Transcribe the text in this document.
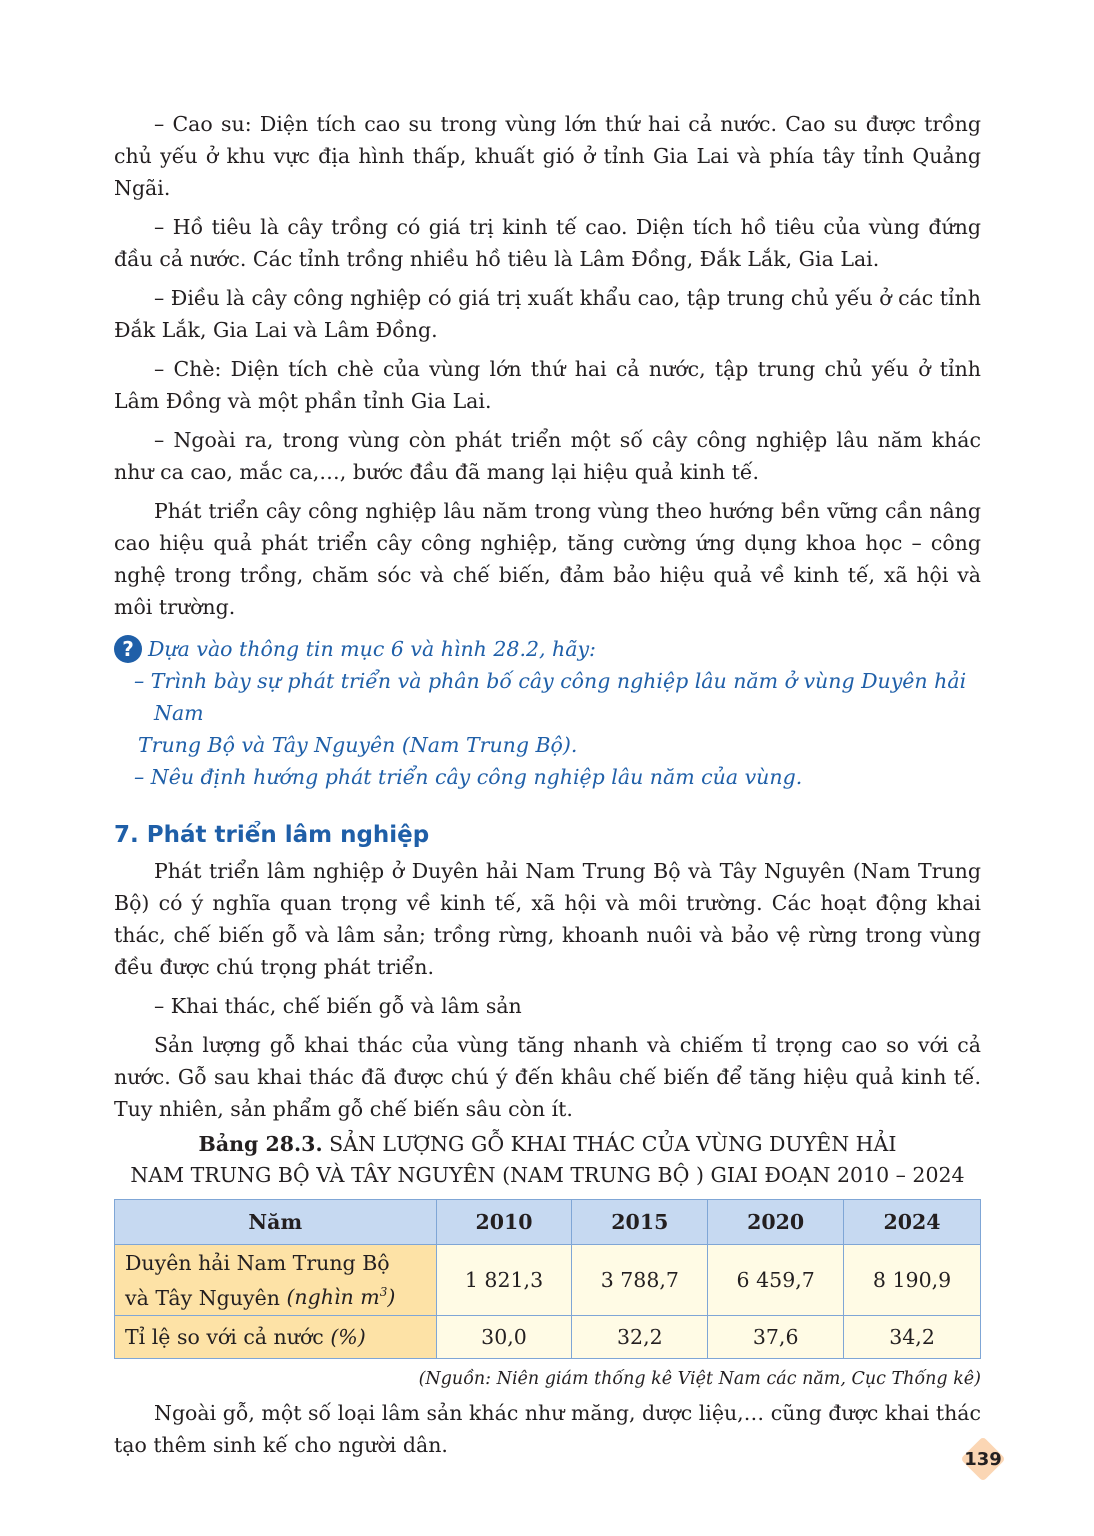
– Cao su: Diện tích cao su trong vùng lớn thứ hai cả nước. Cao su được trồng chủ yếu ở khu vực địa hình thấp, khuất gió ở tỉnh Gia Lai và phía tây tỉnh Quảng Ngãi.

– Hồ tiêu là cây trồng có giá trị kinh tế cao. Diện tích hồ tiêu của vùng đứng đầu cả nước. Các tỉnh trồng nhiều hồ tiêu là Lâm Đồng, Đắk Lắk, Gia Lai.

– Điều là cây công nghiệp có giá trị xuất khẩu cao, tập trung chủ yếu ở các tỉnh Đắk Lắk, Gia Lai và Lâm Đồng.

– Chè: Diện tích chè của vùng lớn thứ hai cả nước, tập trung chủ yếu ở tỉnh Lâm Đồng và một phần tỉnh Gia Lai.

– Ngoài ra, trong vùng còn phát triển một số cây công nghiệp lâu năm khác như ca cao, mắc ca,…, bước đầu đã mang lại hiệu quả kinh tế.

Phát triển cây công nghiệp lâu năm trong vùng theo hướng bền vững cần nâng cao hiệu quả phát triển cây công nghiệp, tăng cường ứng dụng khoa học – công nghệ trong trồng, chăm sóc và chế biến, đảm bảo hiệu quả về kinh tế, xã hội và môi trường.

? Dựa vào thông tin mục 6 và hình 28.2, hãy:
– Trình bày sự phát triển và phân bố cây công nghiệp lâu năm ở vùng Duyên hải Nam
Trung Bộ và Tây Nguyên (Nam Trung Bộ).
– Nêu định hướng phát triển cây công nghiệp lâu năm của vùng.
7. Phát triển lâm nghiệp

Phát triển lâm nghiệp ở Duyên hải Nam Trung Bộ và Tây Nguyên (Nam Trung Bộ) có ý nghĩa quan trọng về kinh tế, xã hội và môi trường. Các hoạt động khai thác, chế biến gỗ và lâm sản; trồng rừng, khoanh nuôi và bảo vệ rừng trong vùng đều được chú trọng phát triển.

– Khai thác, chế biến gỗ và lâm sản

Sản lượng gỗ khai thác của vùng tăng nhanh và chiếm tỉ trọng cao so với cả nước. Gỗ sau khai thác đã được chú ý đến khâu chế biến để tăng hiệu quả kinh tế. Tuy nhiên, sản phẩm gỗ chế biến sâu còn ít.

Bảng 28.3. SẢN LƯỢNG GỖ KHAI THÁC CỦA VÙNG DUYÊN HẢI
NAM TRUNG BỘ VÀ TÂY NGUYÊN (NAM TRUNG BỘ ) GIAI ĐOẠN 2010 – 2024
Năm	2010	2015	2020	2024
Duyên hải Nam Trung Bộ
và Tây Nguyên (nghìn $m^3$)	1 821,3	3 788,7	6 459,7	8 190,9
Tỉ lệ so với cả nước (%)	30,0	32,2	37,6	34,2
(Nguồn: Niên giám thống kê Việt Nam các năm, Cục Thống kê)

Ngoài gỗ, một số loại lâm sản khác như măng, dược liệu,… cũng được khai thác tạo thêm sinh kế cho người dân.

139
